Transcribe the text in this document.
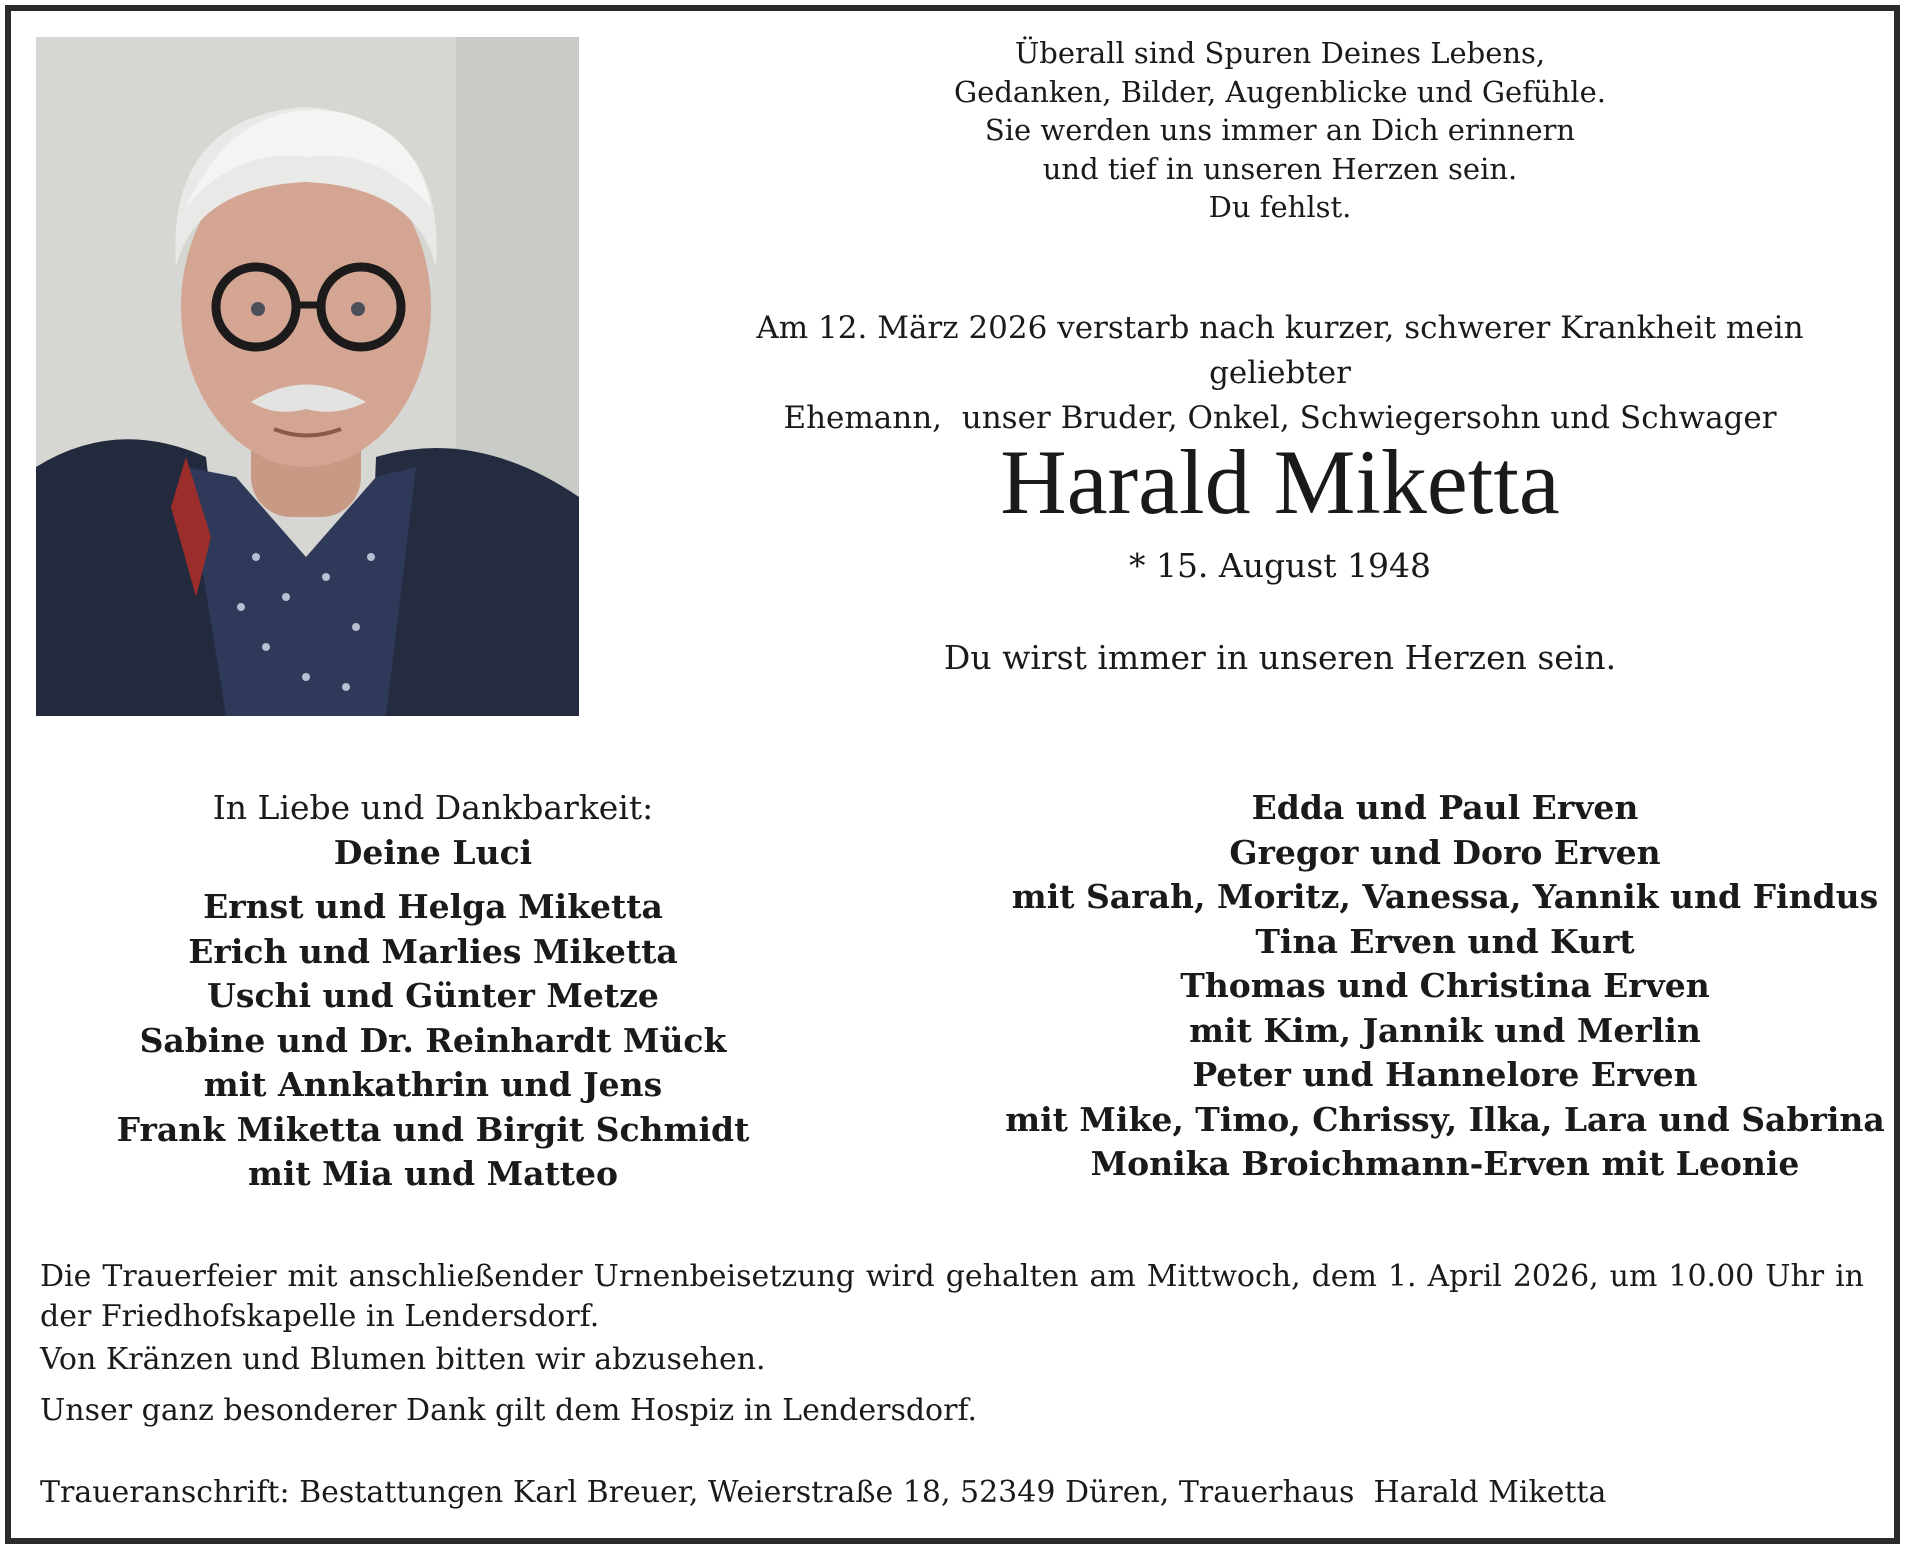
Überall sind Spuren Deines Lebens,
Gedanken, Bilder, Augenblicke und Gefühle.
Sie werden uns immer an Dich erinnern
und tief in unseren Herzen sein.
Du fehlst.
Am 12. März 2026 verstarb nach kurzer, schwerer Krankheit mein geliebter
Ehemann,  unser Bruder, Onkel, Schwiegersohn und Schwager
Harald Miketta
* 15. August 1948
Du wirst immer in unseren Herzen sein.
In Liebe und Dankbarkeit:
Deine Luci
Ernst und Helga Miketta
Erich und Marlies Miketta
Uschi und Günter Metze
Sabine und Dr. Reinhardt Mück
mit Annkathrin und Jens
Frank Miketta und Birgit Schmidt
mit Mia und Matteo
Edda und Paul Erven
Gregor und Doro Erven
mit Sarah, Moritz, Vanessa, Yannik und Findus
Tina Erven und Kurt
Thomas und Christina Erven
mit Kim, Jannik und Merlin
Peter und Hannelore Erven
mit Mike, Timo, Chrissy, Ilka, Lara und Sabrina
Monika Broichmann-Erven mit Leonie
Die Trauerfeier mit anschließender Urnenbeisetzung wird gehalten am Mittwoch, dem 1. April 2026, um 10.00 Uhr in der Friedhofskapelle in Lendersdorf.
Von Kränzen und Blumen bitten wir abzusehen.
Unser ganz besonderer Dank gilt dem Hospiz in Lendersdorf.
Traueranschrift: Bestattungen Karl Breuer, Weierstraße 18, 52349 Düren, Trauerhaus  Harald Miketta
